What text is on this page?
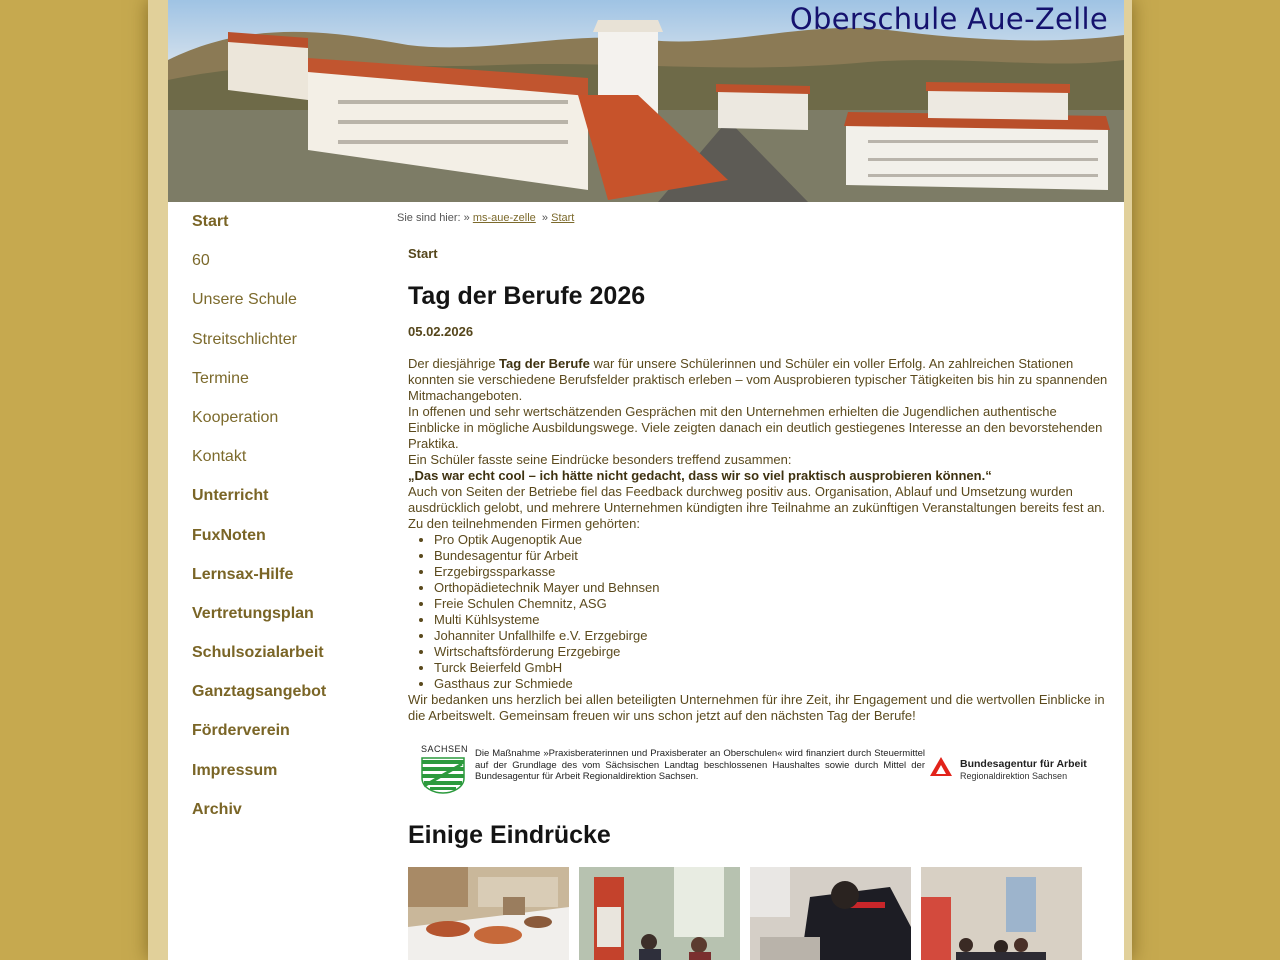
Oberschule Aue-Zelle
Start
60
Unsere Schule
Streitschlichter
Termine
Kooperation
Kontakt
Unterricht
FuxNoten
Lernsax-Hilfe
Vertretungsplan
Schulsozialarbeit
Ganztagsangebot
Förderverein
Impressum
Archiv
Sie sind hier: » ms-aue-zelle » Start
Start
Tag der Berufe 2026
05.02.2026

Der diesjährige Tag der Berufe war für unsere Schülerinnen und Schüler ein voller Erfolg. An zahlreichen Stationen konnten sie verschiedene Berufsfelder praktisch erleben – vom Ausprobieren typischer Tätigkeiten bis hin zu spannenden Mitmachangeboten.

In offenen und sehr wertschätzenden Gesprächen mit den Unternehmen erhielten die Jugendlichen authentische Einblicke in mögliche Ausbildungswege. Viele zeigten danach ein deutlich gestiegenes Interesse an den bevorstehenden Praktika.

Ein Schüler fasste seine Eindrücke besonders treffend zusammen:

„Das war echt cool – ich hätte nicht gedacht, dass wir so viel praktisch ausprobieren können.“

Auch von Seiten der Betriebe fiel das Feedback durchweg positiv aus. Organisation, Ablauf und Umsetzung wurden ausdrücklich gelobt, und mehrere Unternehmen kündigten ihre Teilnahme an zukünftigen Veranstaltungen bereits fest an.

Zu den teilnehmenden Firmen gehörten:

• Pro Optik Augenoptik Aue
• Bundesagentur für Arbeit
• Erzgebirgssparkasse
• Orthopädietechnik Mayer und Behnsen
• Freie Schulen Chemnitz, ASG
• Multi Kühlsysteme
• Johanniter Unfallhilfe e.V. Erzgebirge
• Wirtschaftsförderung Erzgebirge
• Turck Beierfeld GmbH
• Gasthaus zur Schmiede

Wir bedanken uns herzlich bei allen beteiligten Unternehmen für ihre Zeit, ihr Engagement und die wertvollen Einblicke in die Arbeitswelt. Gemeinsam freuen wir uns schon jetzt auf den nächsten Tag der Berufe!

SACHSEN Die Maßnahme »Praxisberaterinnen und Praxisberater an Oberschulen« wird finanziert durch Steuermittel auf der Grundlage des vom Sächsischen Landtag beschlossenen Haushaltes sowie durch Mittel der Bundesagentur für Arbeit Regionaldirektion Sachsen.
Bundesagentur für Arbeit
Regionaldirektion Sachsen
Einige Eindrücke
